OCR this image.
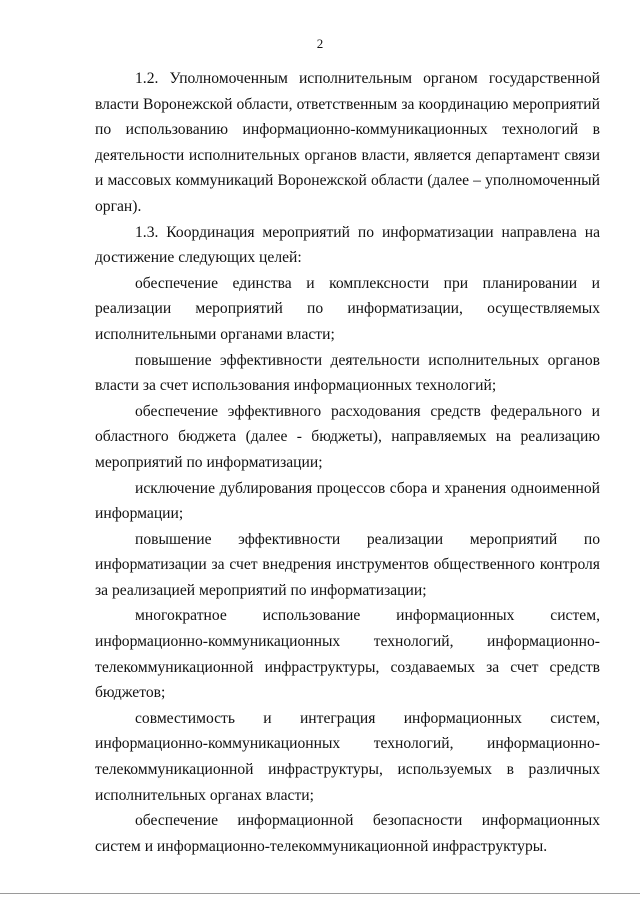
2

1.2. Уполномоченным исполнительным органом государственной власти Воронежской области, ответственным за координацию мероприятий по использованию информационно-коммуникационных технологий в деятельности исполнительных органов власти, является департамент связи и массовых коммуникаций Воронежской области (далее – уполномоченный орган).

1.3. Координация мероприятий по информатизации направлена на достижение следующих целей:

обеспечение единства и комплексности при планировании и реализации мероприятий по информатизации, осуществляемых исполнительными органами власти;

повышение эффективности деятельности исполнительных органов власти за счет использования информационных технологий;

обеспечение эффективного расходования средств федерального и областного бюджета (далее - бюджеты), направляемых на реализацию мероприятий по информатизации;

исключение дублирования процессов сбора и хранения одноименной информации;

повышение эффективности реализации мероприятий по информатизации за счет внедрения инструментов общественного контроля за реализацией мероприятий по информатизации;

многократное использование информационных систем, информационно-коммуникационных технологий, информационно-телекоммуникационной инфраструктуры, создаваемых за счет средств бюджетов;

совместимость и интеграция информационных систем, информационно-коммуникационных технологий, информационно-телекоммуникационной инфраструктуры, используемых в различных исполнительных органах власти;

обеспечение информационной безопасности информационных систем и информационно-телекоммуникационной инфраструктуры.
